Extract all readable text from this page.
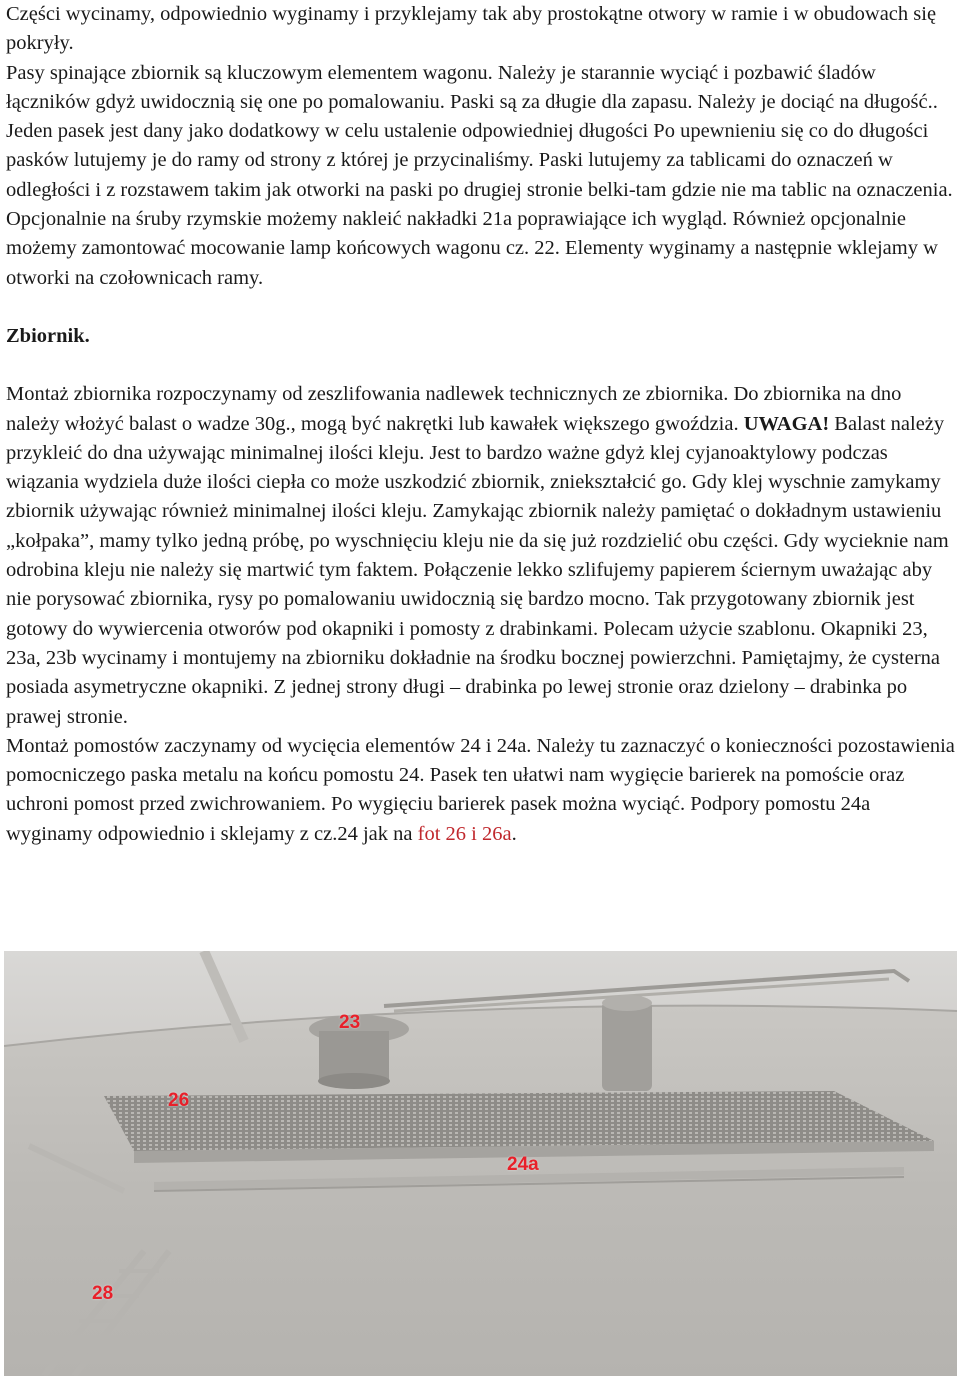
Części wycinamy, odpowiednio wyginamy i przyklejamy tak aby prostokątne otwory w ramie i w obudowach się pokryły.

Pasy spinające zbiornik są kluczowym elementem wagonu. Należy je starannie wyciąć i pozbawić śladów łączników gdyż uwidocznią się one po pomalowaniu. Paski są za długie dla zapasu. Należy je dociąć na długość.. Jeden pasek jest dany jako dodatkowy w celu ustalenie odpowiedniej długości Po upewnieniu się co do długości pasków lutujemy je do ramy od strony z której je przycinaliśmy. Paski lutujemy za tablicami do oznaczeń w odległości i z rozstawem takim jak otworki na paski po drugiej stronie belki-tam gdzie nie ma tablic na oznaczenia. Opcjonalnie na śruby rzymskie możemy nakleić nakładki 21a poprawiające ich wygląd. Również opcjonalnie możemy zamontować mocowanie lamp końcowych wagonu cz. 22. Elementy wyginamy a następnie wklejamy w otworki na czołownicach ramy.

Zbiornik.

Montaż zbiornika rozpoczynamy od zeszlifowania nadlewek technicznych ze zbiornika. Do zbiornika na dno należy włożyć balast o wadze 30g., mogą być nakrętki lub kawałek większego gwoździa. UWAGA! Balast należy przykleić do dna używając minimalnej ilości kleju. Jest to bardzo ważne gdyż klej cyjanoaktylowy podczas wiązania wydziela duże ilości ciepła co może uszkodzić zbiornik, zniekształcić go. Gdy klej wyschnie zamykamy zbiornik używając również minimalnej ilości kleju. Zamykając zbiornik należy pamiętać o dokładnym ustawieniu „kołpaka”, mamy tylko jedną próbę, po wyschnięciu kleju nie da się już rozdzielić obu części. Gdy wycieknie nam odrobina kleju nie należy się martwić tym faktem. Połączenie lekko szlifujemy papierem ściernym uważając aby nie porysować zbiornika, rysy po pomalowaniu uwidocznią się bardzo mocno. Tak przygotowany zbiornik jest gotowy do wywiercenia otworów pod okapniki i pomosty z drabinkami. Polecam użycie szablonu. Okapniki 23, 23a, 23b wycinamy i montujemy na zbiorniku dokładnie na środku bocznej powierzchni. Pamiętajmy, że cysterna posiada asymetryczne okapniki. Z jednej strony długi – drabinka po lewej stronie oraz dzielony – drabinka po prawej stronie.

Montaż pomostów zaczynamy od wycięcia elementów 24 i 24a. Należy tu zaznaczyć o konieczności pozostawienia pomocniczego paska metalu na końcu pomostu 24. Pasek ten ułatwi nam wygięcie barierek na pomoście oraz uchroni pomost przed zwichrowaniem. Po wygięciu barierek pasek można wyciąć. Podpory pomostu 24a wyginamy odpowiednio i sklejamy z cz.24 jak na fot 26 i 26a.

23
26
24a
28
